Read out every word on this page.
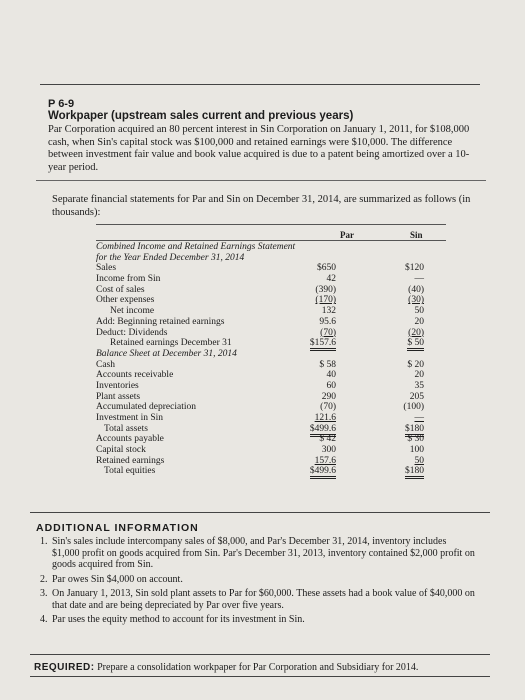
P 6-9
Workpaper (upstream sales current and previous years)
Par Corporation acquired an 80 percent interest in Sin Corporation on January 1, 2011, for $108,000
cash, when Sin's capital stock was $100,000 and retained earnings were $10,000. The difference
between investment fair value and book value acquired is due to a patent being amortized over a 10-
year period.
Separate financial statements for Par and Sin on December 31, 2014, are summarized as follows (in
thousands):
Par	Sin
Combined Income and Retained Earnings Statement
for the Year Ended December 31, 2014
Sales	$650	$120
Income from Sin	42	—
Cost of sales	(390)	(40)
Other expenses	(170)	(30)
Net income	132	50
Add: Beginning retained earnings	95.6	20
Deduct: Dividends	(70)	(20)
Retained earnings December 31	$157.6	$ 50
Balance Sheet at December 31, 2014
Cash	$ 58	$ 20
Accounts receivable	40	20
Inventories	60	35
Plant assets	290	205
Accumulated depreciation	(70)	(100)
Investment in Sin	121.6	—
Total assets	$499.6	$180
Accounts payable	$ 42	$ 30
Capital stock	300	100
Retained earnings	157.6	50
Total equities	$499.6	$180
ADDITIONAL INFORMATION
1. Sin's sales include intercompany sales of $8,000, and Par's December 31, 2014, inventory includes
$1,000 profit on goods acquired from Sin. Par's December 31, 2013, inventory contained $2,000 profit on
goods acquired from Sin.
2. Par owes Sin $4,000 on account.
3. On January 1, 2013, Sin sold plant assets to Par for $60,000. These assets had a book value of $40,000 on
that date and are being depreciated by Par over five years.
4. Par uses the equity method to account for its investment in Sin.
REQUIRED: Prepare a consolidation workpaper for Par Corporation and Subsidiary for 2014.
